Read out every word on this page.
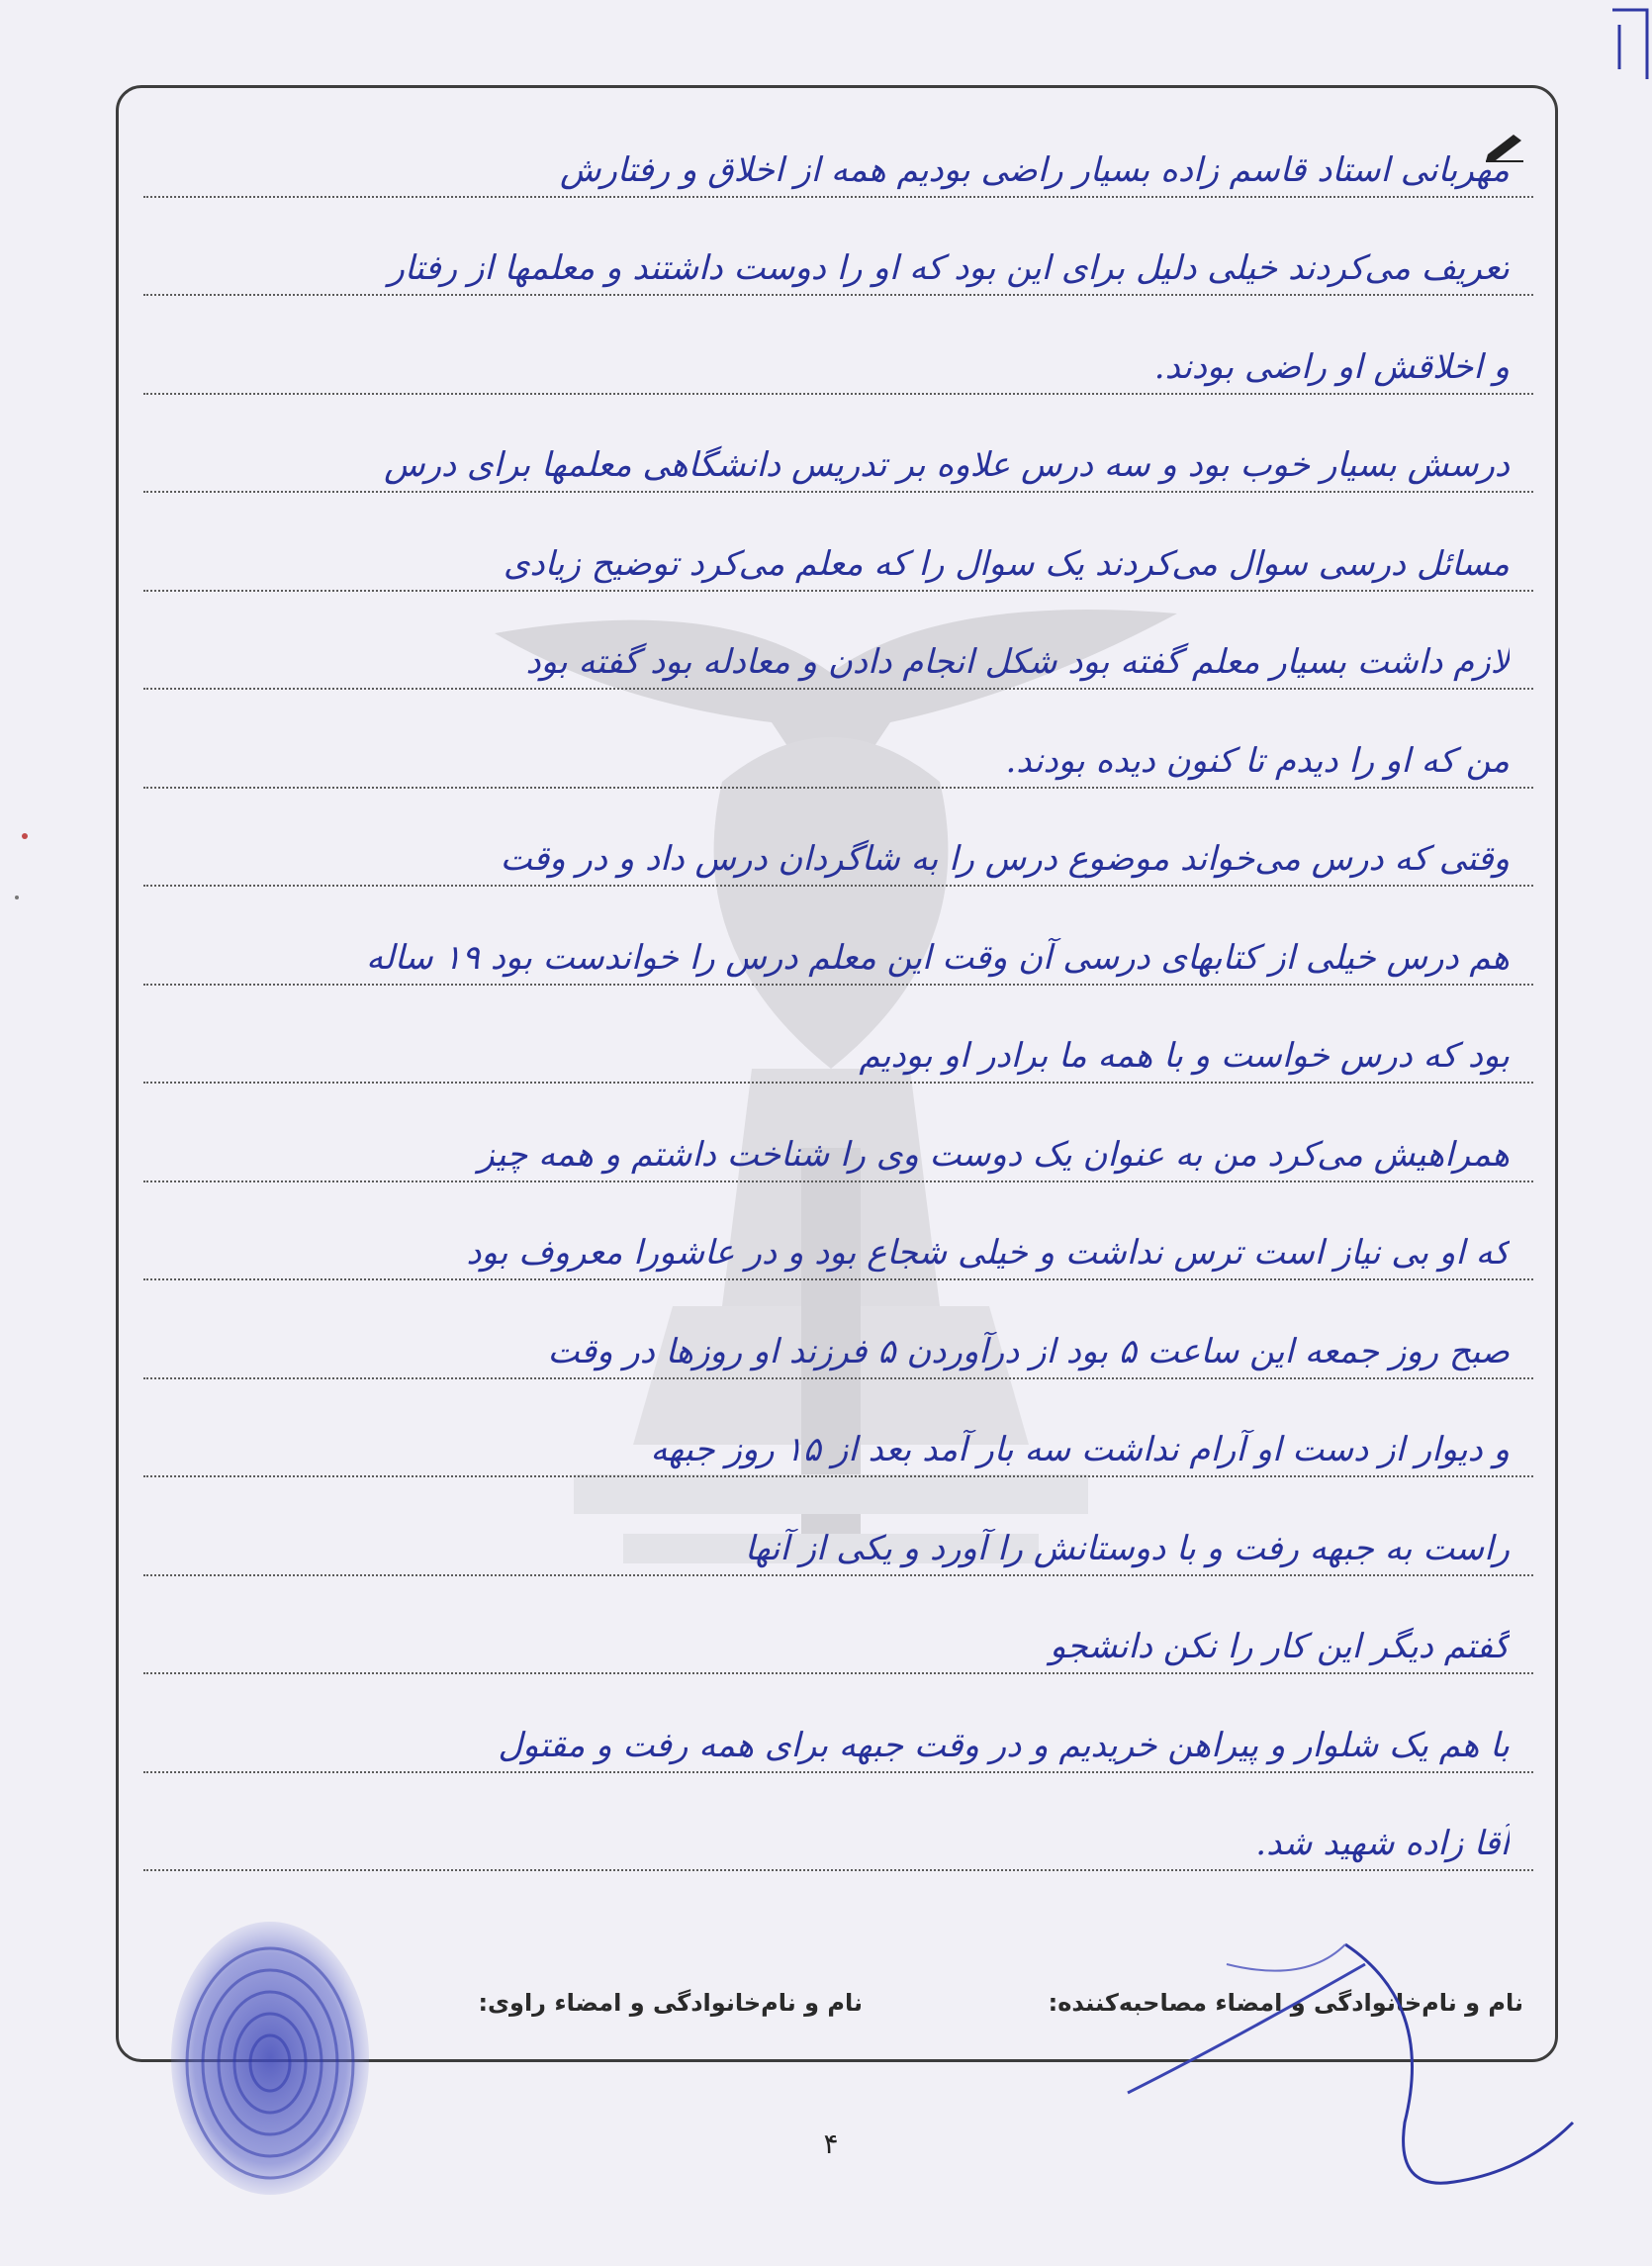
مهربانی استاد قاسم زاده بسیار راضی بودیم همه از اخلاق و رفتارش
تعریف می‌کردند خیلی دلیل برای این بود که او را دوست داشتند و معلمها از رفتار
و اخلاقش او راضی بودند.
درسش بسیار خوب بود و سه درس علاوه بر تدریس دانشگاهی معلمها برای درس
مسائل درسی سوال می‌کردند یک سوال را که معلم می‌کرد توضیح زیادی
لازم داشت بسیار معلم گفته بود شکل انجام دادن و معادله بود گفته بود
من که او را دیدم تا کنون دیده بودند.
وقتی که درس می‌خواند موضوع درس را به شاگردان درس داد و در وقت
هم درس خیلی از کتابهای درسی آن وقت این معلم درس را خواندست بود ۱۹ ساله
بود که درس خواست و با همه ما برادر او بودیم
همراهیش می‌کرد من به عنوان یک دوست وی را شناخت داشتم و همه چیز
که او بی‌ نیاز است ترس نداشت و خیلی شجاع بود و در عاشورا معروف بود
صبح روز جمعه این ساعت ۵ بود از درآوردن ۵ فرزند او روزها در وقت
و دیوار از دست او آرام نداشت سه بار آمد بعد از ۱۵ روز جبهه
راست به جبهه رفت و با دوستانش را آورد و یکی از آنها
گفتم دیگر این کار را نکن دانشجو
با هم یک شلوار و پیراهن خریدیم و در وقت جبهه برای همه رفت و مقتول
آقا زاده شهید شد.
نام و نام‌خانوادگی و امضاء مصاحبه‌کننده:
نام و نام‌خانوادگی و امضاء راوی:
۴
